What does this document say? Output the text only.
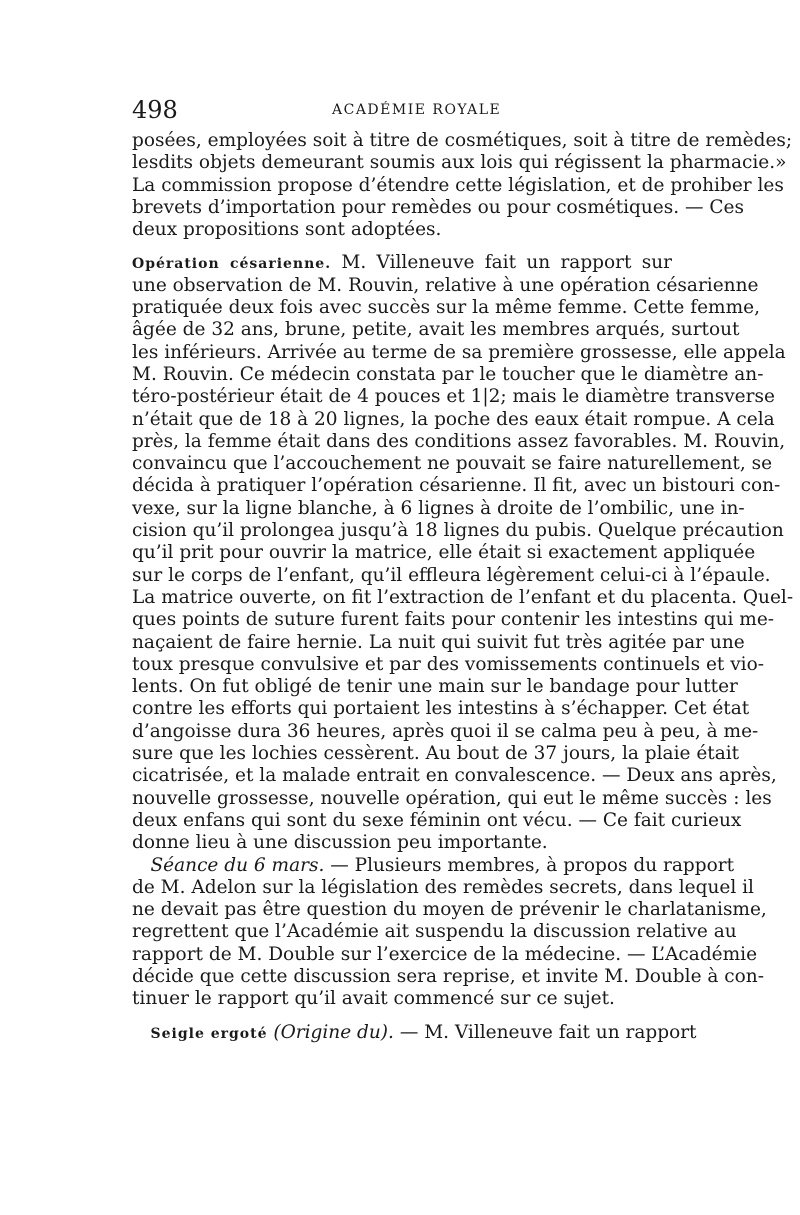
498	ACADÉMIE ROYALE
posées, employées soit à titre de cosmétiques, soit à titre de remèdes;
lesdits objets demeurant soumis aux lois qui régissent la pharmacie.»
La commission propose d’étendre cette législation, et de prohiber les
brevets d’importation pour remèdes ou pour cosmétiques. — Ces
deux propositions sont adoptées.
Opération césarienne. M. Villeneuve fait un rapport sur
une observation de M. Rouvin, relative à une opération césarienne
pratiquée deux fois avec succès sur la même femme. Cette femme,
âgée de 32 ans, brune, petite, avait les membres arqués, surtout
les inférieurs. Arrivée au terme de sa première grossesse, elle appela
M. Rouvin. Ce médecin constata par le toucher que le diamètre an-
téro-postérieur était de 4 pouces et 1|2; mais le diamètre transverse
n’était que de 18 à 20 lignes, la poche des eaux était rompue. A cela
près, la femme était dans des conditions assez favorables. M. Rouvin,
convaincu que l’accouchement ne pouvait se faire naturellement, se
décida à pratiquer l’opération césarienne. Il fit, avec un bistouri con-
vexe, sur la ligne blanche, à 6 lignes à droite de l’ombilic, une in-
cision qu’il prolongea jusqu’à 18 lignes du pubis. Quelque précaution
qu’il prit pour ouvrir la matrice, elle était si exactement appliquée
sur le corps de l’enfant, qu’il effleura légèrement celui-ci à l’épaule.
La matrice ouverte, on fit l’extraction de l’enfant et du placenta. Quel-
ques points de suture furent faits pour contenir les intestins qui me-
naçaient de faire hernie. La nuit qui suivit fut très agitée par une
toux presque convulsive et par des vomissements continuels et vio-
lents. On fut obligé de tenir une main sur le bandage pour lutter
contre les efforts qui portaient les intestins à s’échapper. Cet état
d’angoisse dura 36 heures, après quoi il se calma peu à peu, à me-
sure que les lochies cessèrent. Au bout de 37 jours, la plaie était
cicatrisée, et la malade entrait en convalescence. — Deux ans après,
nouvelle grossesse, nouvelle opération, qui eut le même succès : les
deux enfans qui sont du sexe féminin ont vécu. — Ce fait curieux
donne lieu à une discussion peu importante.
 Séance du 6 mars. — Plusieurs membres, à propos du rapport
de M. Adelon sur la législation des remèdes secrets, dans lequel il
ne devait pas être question du moyen de prévenir le charlatanisme,
regrettent que l’Académie ait suspendu la discussion relative au
rapport de M. Double sur l’exercice de la médecine. — L’Académie
décide que cette discussion sera reprise, et invite M. Double à con-
tinuer le rapport qu’il avait commencé sur ce sujet.
 Seigle ergoté (Origine du). — M. Villeneuve fait un rapport
